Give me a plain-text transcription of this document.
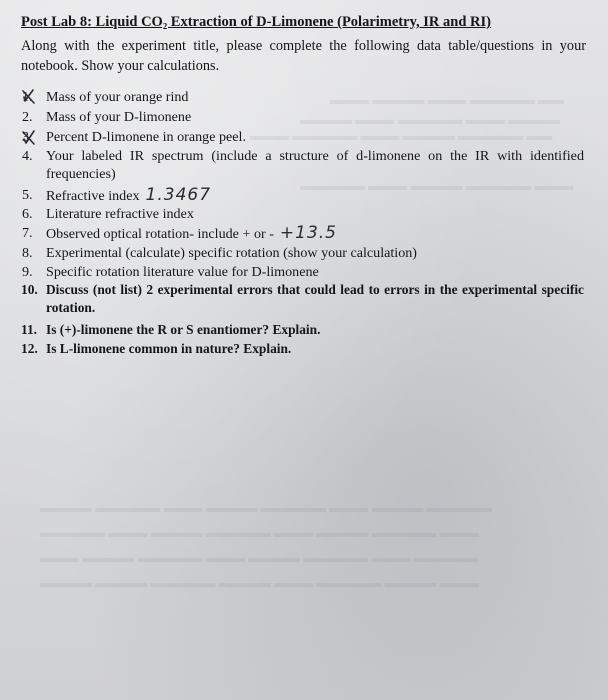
▬▬▬ ▬▬▬▬ ▬▬▬ ▬▬▬▬▬ ▬▬
▬▬▬▬ ▬▬▬ ▬▬▬▬▬ ▬▬▬ ▬▬▬▬
▬▬▬ ▬▬▬▬▬ ▬▬▬ ▬▬▬▬ ▬▬▬▬▬ ▬▬
▬▬▬▬▬ ▬▬▬ ▬▬▬▬ ▬▬▬▬▬ ▬▬▬
▬▬▬▬ ▬▬▬▬▬ ▬▬▬ ▬▬▬▬ ▬▬▬▬▬ ▬▬▬ ▬▬▬▬ ▬▬▬▬▬
▬▬▬▬▬ ▬▬▬ ▬▬▬▬ ▬▬▬▬▬ ▬▬▬ ▬▬▬▬ ▬▬▬▬▬ ▬▬▬
▬▬▬ ▬▬▬▬ ▬▬▬▬▬ ▬▬▬ ▬▬▬▬ ▬▬▬▬▬ ▬▬▬ ▬▬▬▬▬
▬▬▬▬ ▬▬▬▬ ▬▬▬▬▬ ▬▬▬▬ ▬▬▬ ▬▬▬▬▬ ▬▬▬▬ ▬▬▬
Post Lab 8: Liquid CO₂ Extraction of D-Limonene (Polarimetry, IR and RI)
Along with the experiment title, please complete the following data table/questions in your notebook. Show your calculations.
1. Mass of your orange rind
2. Mass of your D-limonene
3. Percent D-limonene in orange peel.
4. Your labeled IR spectrum (include a structure of d-limonene on the IR with identified frequencies)
5. Refractive index 1.3467
6. Literature refractive index
7. Observed optical rotation- include + or - +13.5
8. Experimental (calculate) specific rotation (show your calculation)
9. Specific rotation literature value for D-limonene
10. Discuss (not list) 2 experimental errors that could lead to errors in the experimental specific rotation.
11. Is (+)-limonene the R or S enantiomer? Explain.
12. Is L-limonene common in nature? Explain.
